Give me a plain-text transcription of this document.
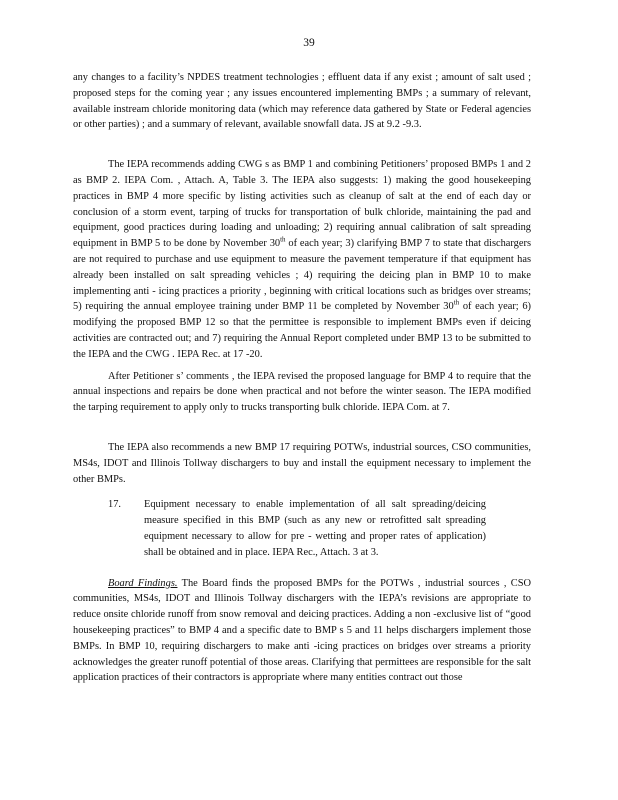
39

any changes to a facility’s NPDES treatment technologies ; effluent data if any exist ; amount of salt used ; proposed steps for the coming year ; any issues encountered implementing BMPs ; a summary of relevant, available instream chloride monitoring data (which may reference data gathered by State or Federal agencies or other parties) ; and a summary of relevant, available snowfall data. JS at 9.2 -9.3.

The IEPA recommends adding CWG s as BMP 1 and combining Petitioners’ proposed BMPs 1 and 2 as BMP 2. IEPA Com. , Attach. A, Table 3. The IEPA also suggests: 1) making the good housekeeping practices in BMP 4 more specific by listing activities such as cleanup of salt at the end of each day or conclusion of a storm event, tarping of trucks for transportation of bulk chloride, maintaining the pad and equipment, good practices during loading and unloading; 2) requiring annual calibration of salt spreading equipment in BMP 5 to be done by November 30th of each year; 3) clarifying BMP 7 to state that dischargers are not required to purchase and use equipment to measure the pavement temperature if that equipment has already been installed on salt spreading vehicles ; 4) requiring the deicing plan in BMP 10 to make implementing anti - icing practices a priority , beginning with critical locations such as bridges over streams; 5) requiring the annual employee training under BMP 11 be completed by November 30th of each year; 6) modifying the proposed BMP 12 so that the permittee is responsible to implement BMPs even if deicing activities are contracted out; and 7) requiring the Annual Report completed under BMP 13 to be submitted to the IEPA and the CWG . IEPA Rec. at 17 -20.

After Petitioner s’ comments , the IEPA revised the proposed language for BMP 4 to require that the annual inspections and repairs be done when practical and not before the winter season. The IEPA modified the tarping requirement to apply only to trucks transporting bulk chloride. IEPA Com. at 7.

The IEPA also recommends a new BMP 17 requiring POTWs, industrial sources, CSO communities, MS4s, IDOT and Illinois Tollway dischargers to buy and install the equipment necessary to implement the other BMPs.

17.	Equipment necessary to enable implementation of all salt spreading/deicing measure specified in this BMP (such as any new or retrofitted salt spreading equipment necessary to allow for pre - wetting and proper rates of application) shall be obtained and in place. IEPA Rec., Attach. 3 at 3.

Board Findings. The Board finds the proposed BMPs for the POTWs , industrial sources , CSO communities, MS4s, IDOT and Illinois Tollway dischargers with the IEPA’s revisions are appropriate to reduce onsite chloride runoff from snow removal and deicing practices. Adding a non -exclusive list of “good housekeeping practices” to BMP 4 and a specific date to BMP s 5 and 11 helps dischargers implement those BMPs. In BMP 10, requiring dischargers to make anti -icing practices on bridges over streams a priority acknowledges the greater runoff potential of those areas. Clarifying that permittees are responsible for the salt application practices of their contractors is appropriate where many entities contract out those
